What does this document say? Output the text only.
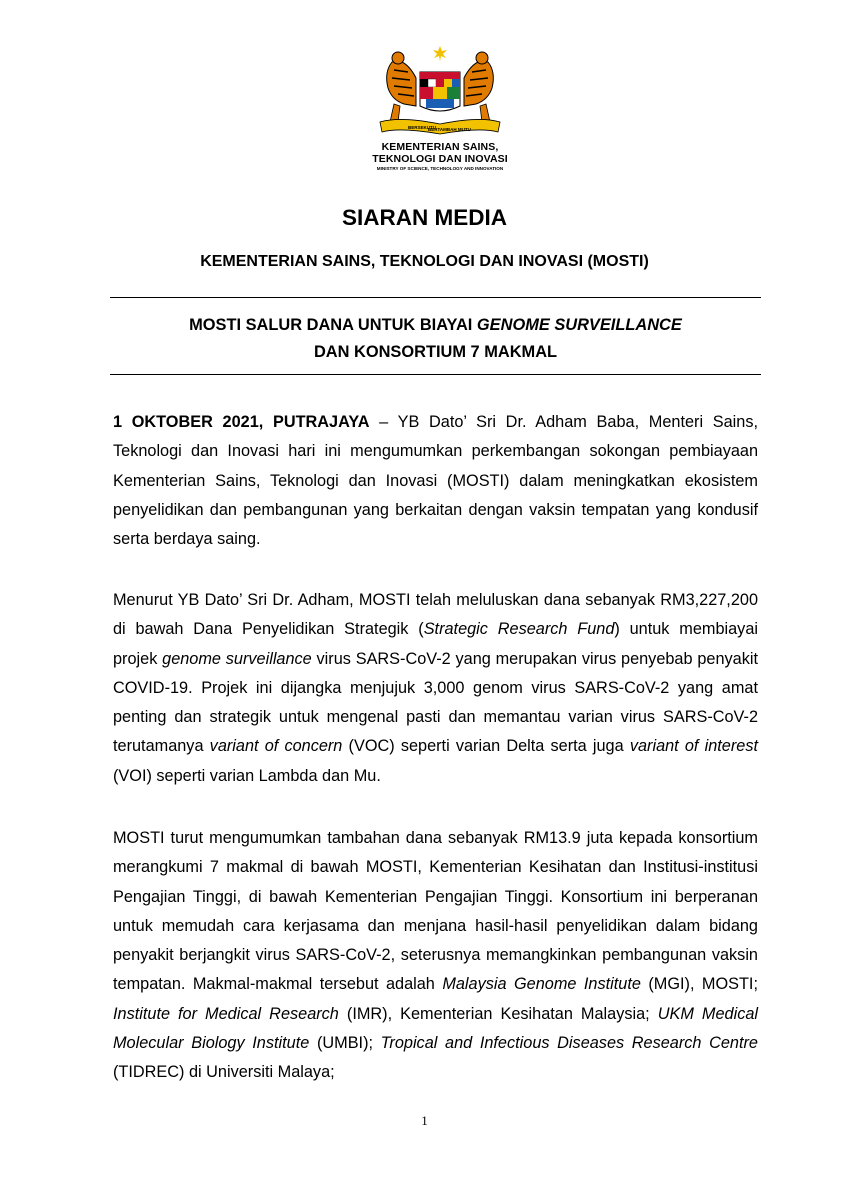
BERSEKUTU
BERTAMBAH MUTU
KEMENTERIAN SAINS,
TEKNOLOGI DAN INOVASI
MINISTRY OF SCIENCE, TECHNOLOGY AND INNOVATION
SIARAN MEDIA
KEMENTERIAN SAINS, TEKNOLOGI DAN INOVASI (MOSTI)
MOSTI SALUR DANA UNTUK BIAYAI GENOME SURVEILLANCE
DAN KONSORTIUM 7 MAKMAL
1 OKTOBER 2021, PUTRAJAYA – YB Dato’ Sri Dr. Adham Baba, Menteri Sains, Teknologi dan Inovasi hari ini mengumumkan perkembangan sokongan pembiayaan Kementerian Sains, Teknologi dan Inovasi (MOSTI) dalam meningkatkan ekosistem penyelidikan dan pembangunan yang berkaitan dengan vaksin tempatan yang kondusif serta berdaya saing.
Menurut YB Dato’ Sri Dr. Adham, MOSTI telah meluluskan dana sebanyak RM3,227,200 di bawah Dana Penyelidikan Strategik (Strategic Research Fund) untuk membiayai projek genome surveillance virus SARS-CoV-2 yang merupakan virus penyebab penyakit COVID-19. Projek ini dijangka menjujuk 3,000 genom virus SARS-CoV-2 yang amat penting dan strategik untuk mengenal pasti dan memantau varian virus SARS-CoV-2 terutamanya variant of concern (VOC) seperti varian Delta serta juga variant of interest (VOI) seperti varian Lambda dan Mu.
MOSTI turut mengumumkan tambahan dana sebanyak RM13.9 juta kepada konsortium merangkumi 7 makmal di bawah MOSTI, Kementerian Kesihatan dan Institusi-institusi Pengajian Tinggi, di bawah Kementerian Pengajian Tinggi. Konsortium ini berperanan untuk memudah cara kerjasama dan menjana hasil-hasil penyelidikan dalam bidang penyakit berjangkit virus SARS-CoV-2, seterusnya memangkinkan pembangunan vaksin tempatan. Makmal-makmal tersebut adalah Malaysia Genome Institute (MGI), MOSTI; Institute for Medical Research (IMR), Kementerian Kesihatan Malaysia; UKM Medical Molecular Biology Institute (UMBI); Tropical and Infectious Diseases Research Centre (TIDREC) di Universiti Malaya;
1
